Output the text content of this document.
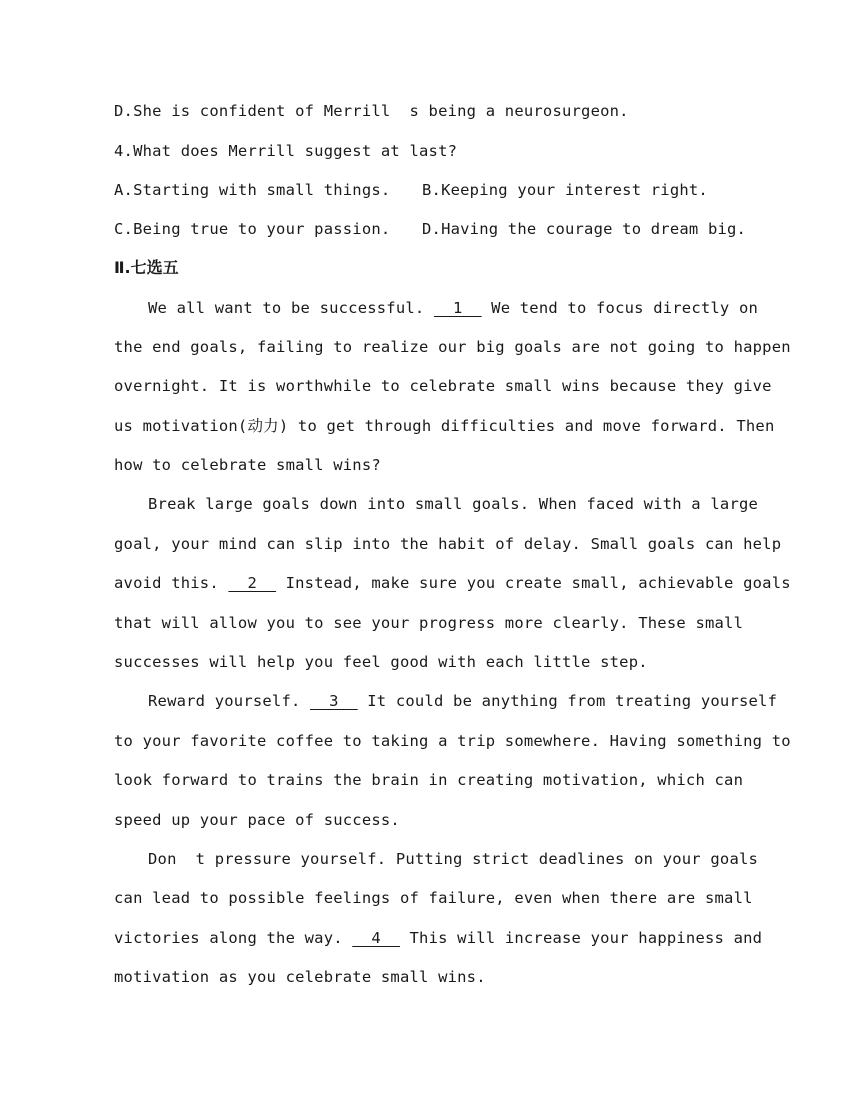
D.She is confident of Merrill  s being a neurosurgeon.
4.What does Merrill suggest at last?
A.Starting with small things. B.Keeping your interest right.
C.Being true to your passion. D.Having the courage to dream big.
Ⅱ.七选五
We all want to be successful.   1   We tend to focus directly on
the end goals, failing to realize our big goals are not going to happen
overnight. It is worthwhile to celebrate small wins because they give
us motivation(动力) to get through difficulties and move forward. Then
how to celebrate small wins?
Break large goals down into small goals. When faced with a large
goal, your mind can slip into the habit of delay. Small goals can help
avoid this.   2   Instead, make sure you create small, achievable goals
that will allow you to see your progress more clearly. These small
successes will help you feel good with each little step.
Reward yourself.   3   It could be anything from treating yourself
to your favorite coffee to taking a trip somewhere. Having something to
look forward to trains the brain in creating motivation, which can
speed up your pace of success.
Don  t pressure yourself. Putting strict deadlines on your goals
can lead to possible feelings of failure, even when there are small
victories along the way.   4   This will increase your happiness and
motivation as you celebrate small wins.
